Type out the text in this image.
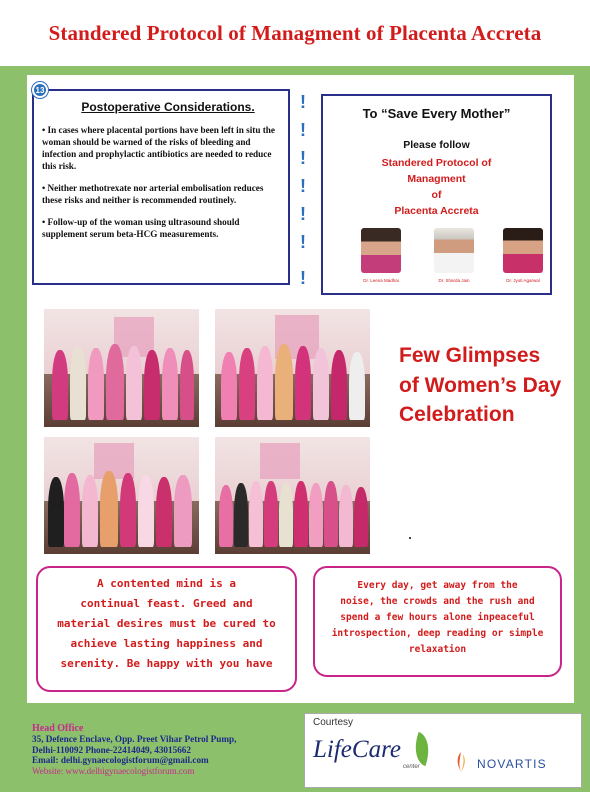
Standered Protocol of Managment of Placenta Accreta
Postoperative Considerations.

• In cases where placental portions have been left in situ the woman should be warned of the risks of bleeding and infection and prophylactic antibiotics are needed to reduce this risk.

• Neither methotrexate nor arterial embolisation reduces these risks and neither is recommended routinely.

• Follow-up of the woman using ultrasound should supplement serum beta-HCG measurements.

13
!
!
!
!
!
!
!
To “Save Every Mother”
Please follow
Standered Protocol of
Managment
of
Placenta Accreta
Dr. Leena Madhai	Dr. Sharda Jain	Dr. Jyoti Agarwal
Few Glimpses
of Women’s Day
Celebration
A contented mind is a
continual feast. Greed and
material desires must be cured to
achieve lasting happiness and
serenity. Be happy with you have
Every day, get away from the
noise, the crowds and the rush and
spend a few hours alone inpeaceful
introspection, deep reading or simple
relaxation
Head Office
35, Defence Enclave, Opp. Preet Vihar Petrol Pump,
Delhi-110092 Phone-22414049, 43015662
Email: delhi.gynaecologistforum@gmail.com
Website: www.delhigynaecologistforum.com
Courtesy
LifeCare
center	NOVARTIS
